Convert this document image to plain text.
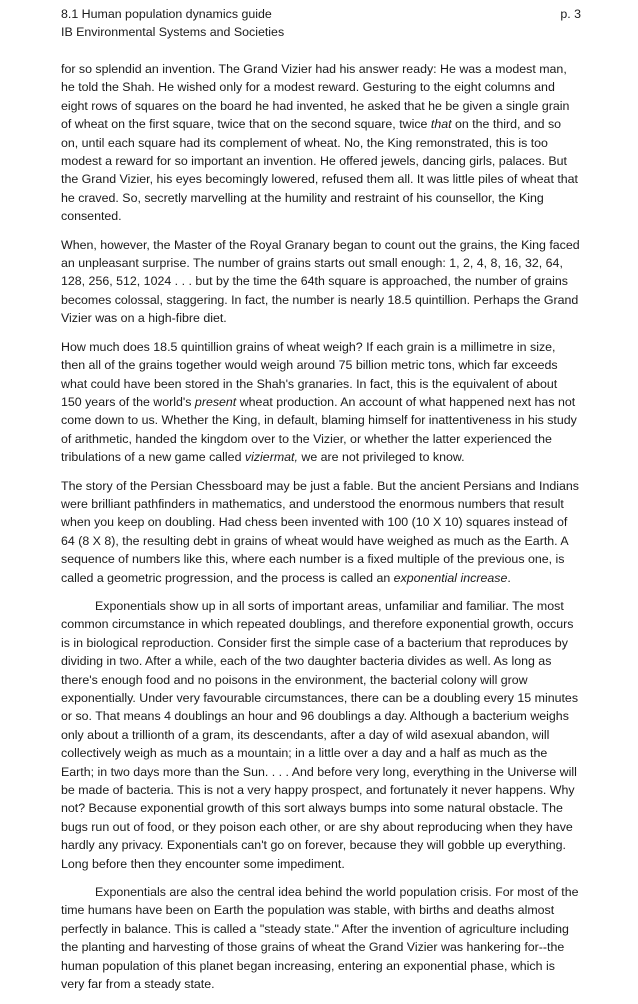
8.1 Human population dynamics guide
IB Environmental Systems and Societies
p. 3

for so splendid an invention. The Grand Vizier had his answer ready: He was a modest man, he told the Shah. He wished only for a modest reward. Gesturing to the eight columns and eight rows of squares on the board he had invented, he asked that he be given a single grain of wheat on the first square, twice that on the second square, twice that on the third, and so on, until each square had its complement of wheat. No, the King remonstrated, this is too modest a reward for so important an invention. He offered jewels, dancing girls, palaces. But the Grand Vizier, his eyes becomingly lowered, refused them all. It was little piles of wheat that he craved. So, secretly marvelling at the humility and restraint of his counsellor, the King consented.

When, however, the Master of the Royal Granary began to count out the grains, the King faced an unpleasant surprise. The number of grains starts out small enough: 1, 2, 4, 8, 16, 32, 64, 128, 256, 512, 1024 . . . but by the time the 64th square is approached, the number of grains becomes colossal, staggering. In fact, the number is nearly 18.5 quintillion. Perhaps the Grand Vizier was on a high-fibre diet.

How much does 18.5 quintillion grains of wheat weigh? If each grain is a millimetre in size, then all of the grains together would weigh around 75 billion metric tons, which far exceeds what could have been stored in the Shah's granaries. In fact, this is the equivalent of about 150 years of the world's present wheat production. An account of what happened next has not come down to us. Whether the King, in default, blaming himself for inattentiveness in his study of arithmetic, handed the kingdom over to the Vizier, or whether the latter experienced the tribulations of a new game called viziermat, we are not privileged to know.

The story of the Persian Chessboard may be just a fable. But the ancient Persians and Indians were brilliant pathfinders in mathematics, and understood the enormous numbers that result when you keep on doubling. Had chess been invented with 100 (10 X 10) squares instead of 64 (8 X 8), the resulting debt in grains of wheat would have weighed as much as the Earth. A sequence of numbers like this, where each number is a fixed multiple of the previous one, is called a geometric progression, and the process is called an exponential increase.

Exponentials show up in all sorts of important areas, unfamiliar and familiar. The most common circumstance in which repeated doublings, and therefore exponential growth, occurs is in biological reproduction. Consider first the simple case of a bacterium that reproduces by dividing in two. After a while, each of the two daughter bacteria divides as well. As long as there's enough food and no poisons in the environment, the bacterial colony will grow exponentially. Under very favourable circumstances, there can be a doubling every 15 minutes or so. That means 4 doublings an hour and 96 doublings a day. Although a bacterium weighs only about a trillionth of a gram, its descendants, after a day of wild asexual abandon, will collectively weigh as much as a mountain; in a little over a day and a half as much as the Earth; in two days more than the Sun. . . . And before very long, everything in the Universe will be made of bacteria. This is not a very happy prospect, and fortunately it never happens. Why not? Because exponential growth of this sort always bumps into some natural obstacle. The bugs run out of food, or they poison each other, or are shy about reproducing when they have hardly any privacy. Exponentials can't go on forever, because they will gobble up everything. Long before then they encounter some impediment.

Exponentials are also the central idea behind the world population crisis. For most of the time humans have been on Earth the population was stable, with births and deaths almost perfectly in balance. This is called a "steady state." After the invention of agriculture including the planting and harvesting of those grains of wheat the Grand Vizier was hankering for--the human population of this planet began increasing, entering an exponential phase, which is very far from a steady state.
